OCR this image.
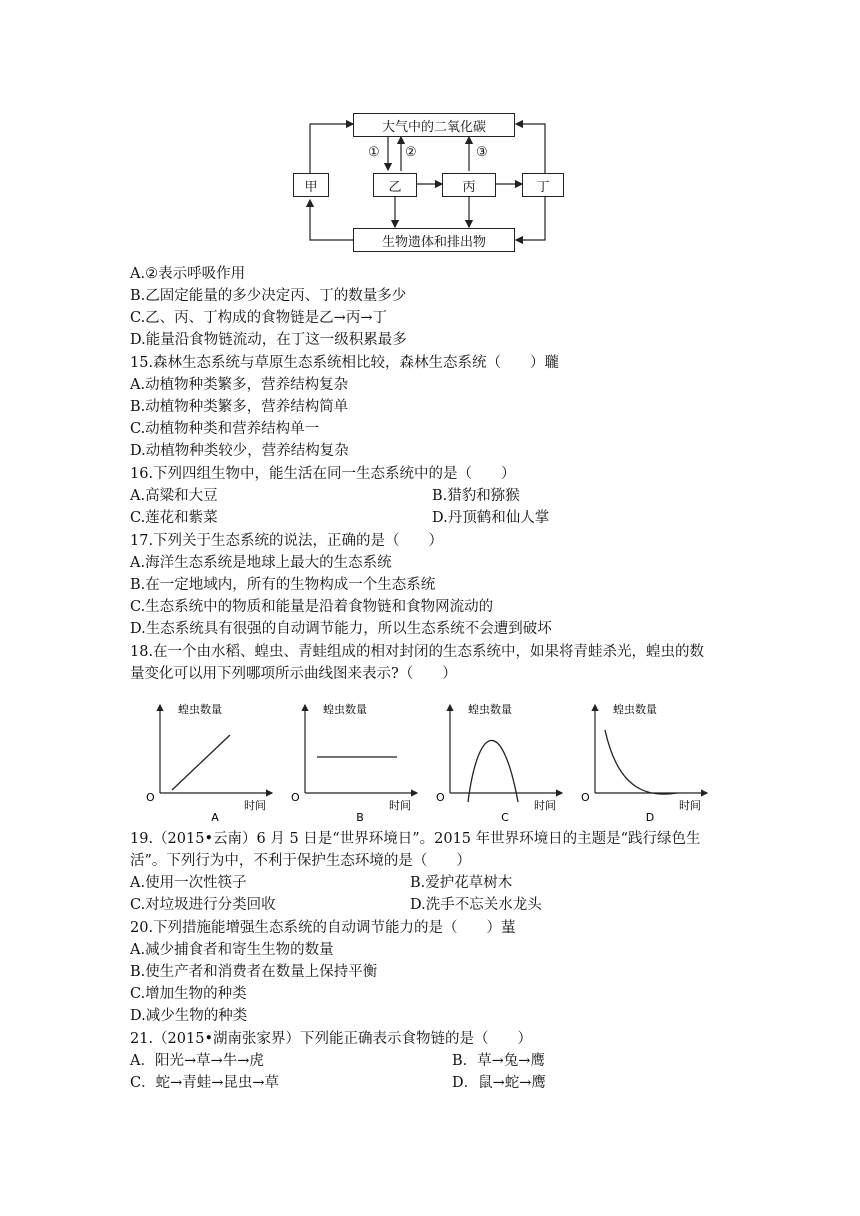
大气中的二氧化碳
生物遗体和排出物
甲	乙	丙	丁
① ②	③
A.②表示呼吸作用
B.乙固定能量的多少决定丙、丁的数量多少
C.乙、丙、丁构成的食物链是乙→丙→丁
D.能量沿食物链流动，在丁这一级积累最多
15.森林生态系统与草原生态系统相比较，森林生态系统（　　）䏊
A.动植物种类繁多，营养结构复杂
B.动植物种类繁多，营养结构简单
C.动植物种类和营养结构单一
D.动植物种类较少，营养结构复杂
16.下列四组生物中，能生活在同一生态系统中的是（　　）
A.高粱和大豆	B.猎豹和猕猴
C.莲花和紫菜	D.丹顶鹤和仙人掌
17.下列关于生态系统的说法，正确的是（　　）
A.海洋生态系统是地球上最大的生态系统
B.在一定地域内，所有的生物构成一个生态系统
C.生态系统中的物质和能量是沿着食物链和食物网流动的
D.生态系统具有很强的自动调节能力，所以生态系统不会遭到破坏
18.在一个由水稻、蝗虫、青蛙组成的相对封闭的生态系统中，如果将青蛙杀光，蝗虫的数
量变化可以用下列哪项所示曲线图来表示?（　　）
蝗虫数量
时间
O
A
蝗虫数量
时间
O
B
蝗虫数量
时间
O
C
蝗虫数量
时间
O
D
19.（2015•云南）6 月 5 日是“世界环境日”。2015 年世界环境日的主题是“践行绿色生
活”。下列行为中，不利于保护生态环境的是（　　）
A.使用一次性筷子	B.爱护花草树木
C.对垃圾进行分类回收	D.洗手不忘关水龙头
20.下列措施能增强生态系统的自动调节能力的是（　　）蓳
A.减少捕食者和寄生生物的数量
B.使生产者和消费者在数量上保持平衡
C.增加生物的种类
D.减少生物的种类
21.（2015•湖南张家界）下列能正确表示食物链的是（　　）
A．阳光→草→牛→虎	B．草→兔→鹰
C．蛇→青蛙→昆虫→草	D．鼠→蛇→鹰
